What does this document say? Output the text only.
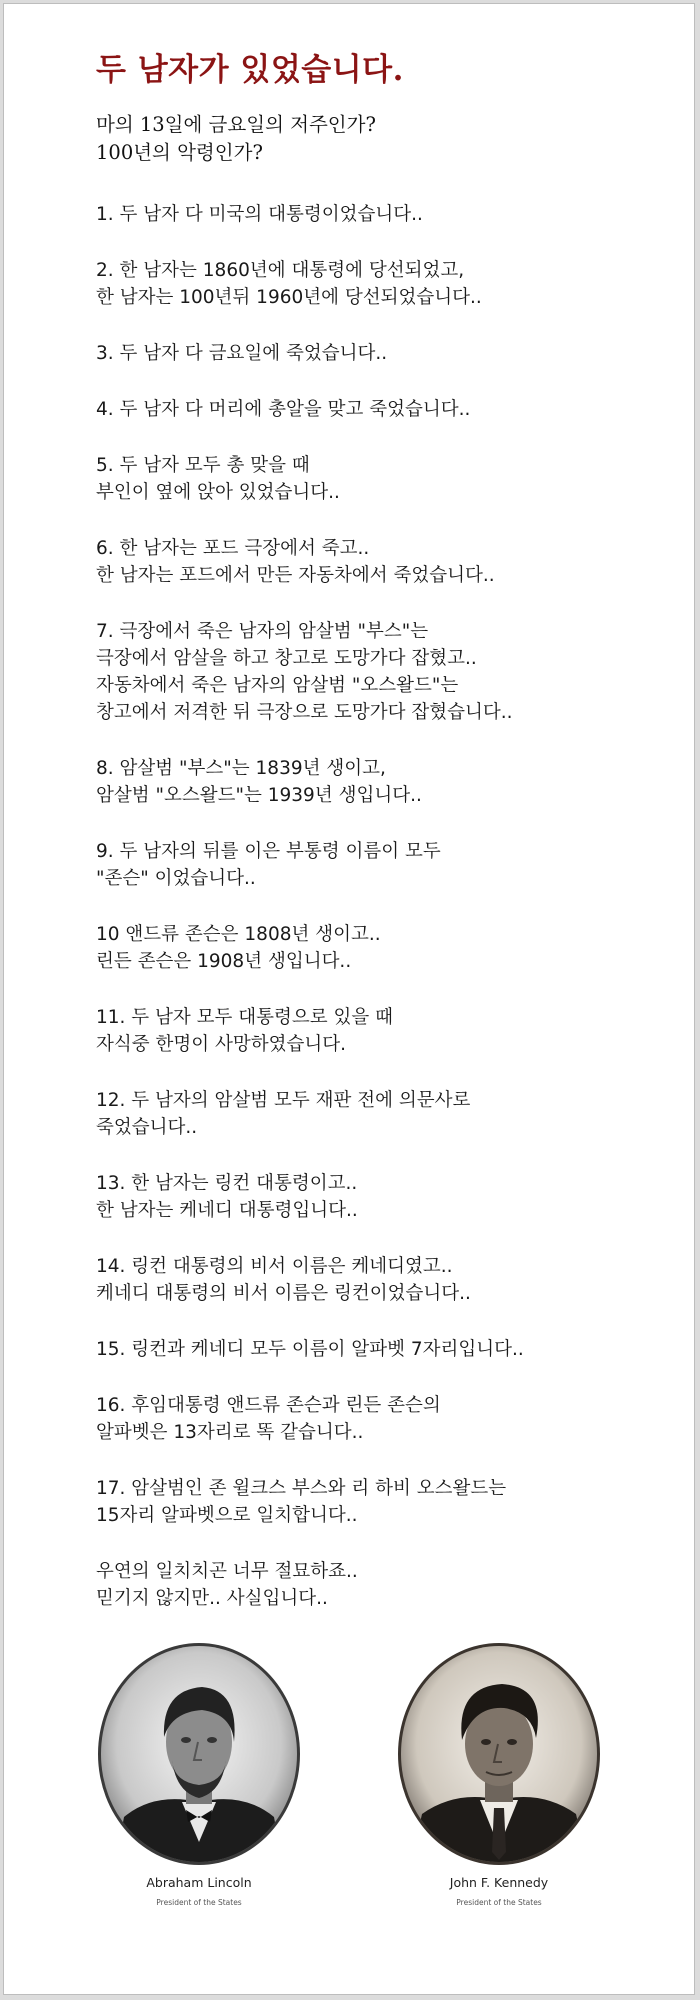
두 남자가 있었습니다.
마의 13일에 금요일의 저주인가?
100년의 악령인가?
1. 두 남자 다 미국의 대통령이었습니다..
2. 한 남자는 1860년에 대통령에 당선되었고,
한 남자는 100년뒤 1960년에 당선되었습니다..
3. 두 남자 다 금요일에 죽었습니다..
4. 두 남자 다 머리에 총알을 맞고 죽었습니다..
5. 두 남자 모두 총 맞을 때
부인이 옆에 앉아 있었습니다..
6. 한 남자는 포드 극장에서 죽고..
한 남자는 포드에서 만든 자동차에서 죽었습니다..
7. 극장에서 죽은 남자의 암살범 "부스"는
극장에서 암살을 하고 창고로 도망가다 잡혔고..
자동차에서 죽은 남자의 암살범 "오스왈드"는
창고에서 저격한 뒤 극장으로 도망가다 잡혔습니다..
8. 암살범 "부스"는 1839년 생이고,
암살범 "오스왈드"는 1939년 생입니다..
9. 두 남자의 뒤를 이은 부통령 이름이 모두
"존슨" 이었습니다..
10 앤드류 존슨은 1808년 생이고..
린든 존슨은 1908년 생입니다..
11. 두 남자 모두 대통령으로 있을 때
자식중 한명이 사망하였습니다.
12. 두 남자의 암살범 모두 재판 전에 의문사로
죽었습니다..
13. 한 남자는 링컨 대통령이고..
한 남자는 케네디 대통령입니다..
14. 링컨 대통령의 비서 이름은 케네디였고..
케네디 대통령의 비서 이름은 링컨이었습니다..
15. 링컨과 케네디 모두 이름이 알파벳 7자리입니다..
16. 후임대통령 앤드류 존슨과 린든 존슨의
알파벳은 13자리로 똑 같습니다..
17. 암살범인 존 윌크스 부스와 리 하비 오스왈드는
15자리 알파벳으로 일치합니다..
우연의 일치치곤 너무 절묘하죠..
믿기지 않지만.. 사실입니다..
Abraham Lincoln
President of the States
John F. Kennedy
President of the States
